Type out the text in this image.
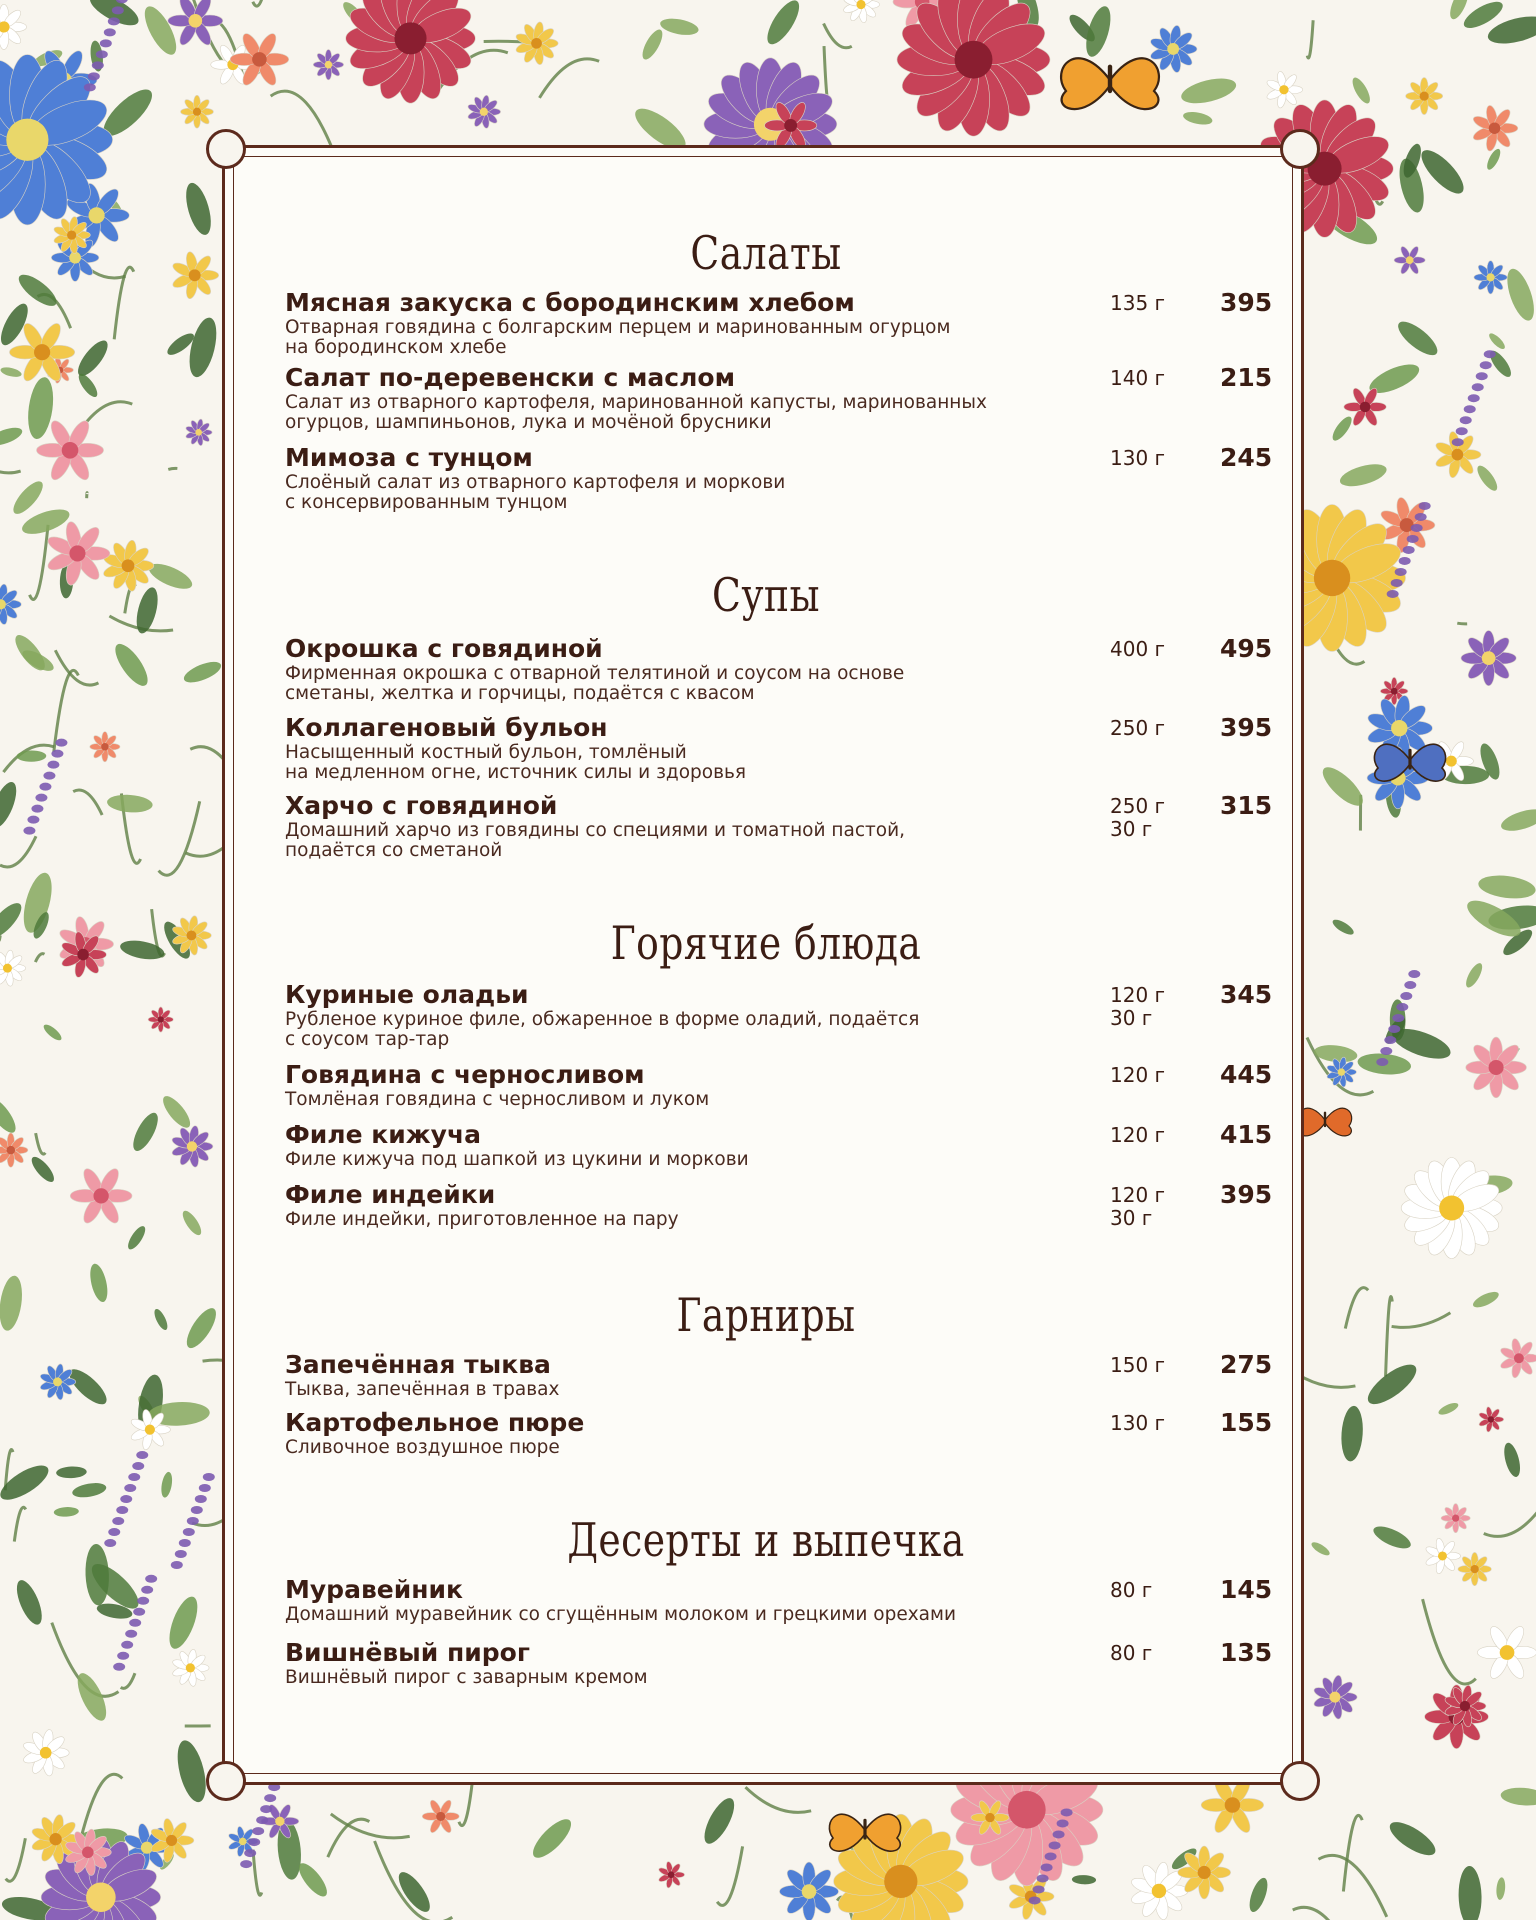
Салаты
Мясная закуска с бородинским хлебом
Отварная говядина с болгарским перцем и маринованным огурцом
на бородинском хлебе
135 г 395
Салат по-деревенски с маслом
Салат из отварного картофеля, маринованной капусты, маринованных
огурцов, шампиньонов, лука и мочёной брусники
140 г 215
Мимоза с тунцом
Слоёный салат из отварного картофеля и моркови
с консервированным тунцом
130 г 245
Супы
Окрошка с говядиной
Фирменная окрошка с отварной телятиной и соусом на основе
сметаны, желтка и горчицы, подаётся с квасом
400 г 495
Коллагеновый бульон
Насыщенный костный бульон, томлёный
на медленном огне, источник силы и здоровья
250 г 395
Харчо с говядиной
Домашний харчо из говядины со специями и томатной пастой,
подаётся со сметаной
250 г
30 г
315
Горячие блюда
Куриные оладьи
Рубленое куриное филе, обжаренное в форме оладий, подаётся
с соусом тар-тар
120 г
30 г
345
Говядина с черносливом
Томлёная говядина с черносливом и луком
120 г 445
Филе кижуча
Филе кижуча под шапкой из цукини и моркови
120 г 415
Филе индейки
Филе индейки, приготовленное на пару
120 г
30 г
395
Гарниры
Запечённая тыква
Тыква, запечённая в травах
150 г 275
Картофельное пюре
Сливочное воздушное пюре
130 г 155
Десерты и выпечка
Муравейник
Домашний муравейник со сгущённым молоком и грецкими орехами
80 г	145
Вишнёвый пирог
Вишнёвый пирог с заварным кремом
80 г	135
